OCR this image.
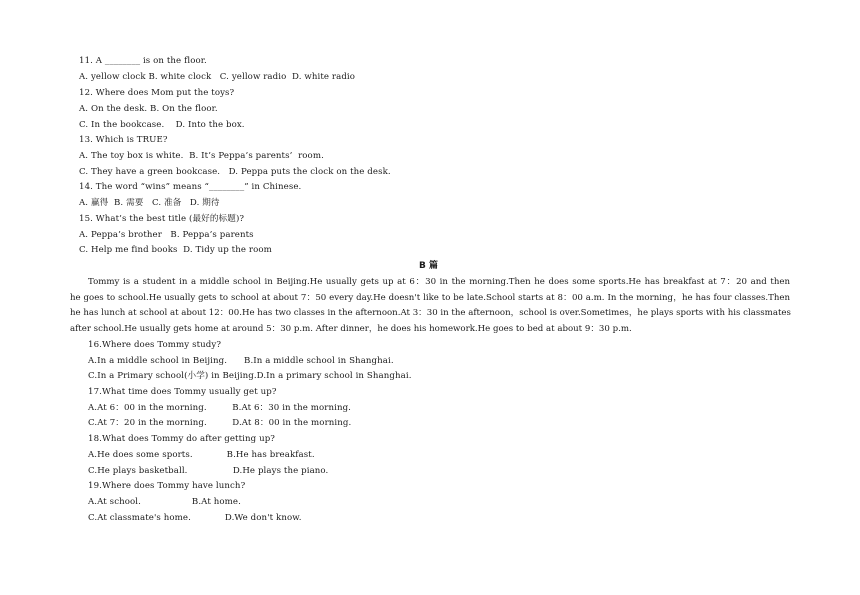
11. A ________ is on the floor.
A. yellow clock B. white clock   C. yellow radio  D. white radio
12. Where does Mom put the toys?
A. On the desk. B. On the floor.
C. In the bookcase.    D. Into the box.
13. Which is TRUE?
A. The toy box is white.  B. It’s Peppa’s parents’  room.
C. They have a green bookcase.   D. Peppa puts the clock on the desk.
14. The word “wins” means “________” in Chinese.
A. 赢得  B. 需要   C. 准备   D. 期待
15. What’s the best title (最好的标题)?
A. Peppa’s brother   B. Peppa’s parents
C. Help me find books  D. Tidy up the room
B 篇
Tommy is a student in a middle school in Beijing.He usually gets up at 6：30 in the morning.Then he does some sports.He has breakfast at 7：20 and then
he goes to school.He usually gets to school at about 7：50 every day.He doesn't like to be late.School starts at 8：00 a.m. In the morning，he has four classes.Then
he has lunch at school at about 12：00.He has two classes in the afternoon.At 3：30 in the afternoon，school is over.Sometimes，he plays sports with his classmates
after school.He usually gets home at around 5：30 p.m. After dinner，he does his homework.He goes to bed at about 9：30 p.m.
16.Where does Tommy study?
A.In a middle school in Beijing.      B.In a middle school in Shanghai.
C.In a Primary school(小学) in Beijing.D.In a primary school in Shanghai.
17.What time does Tommy usually get up?
A.At 6：00 in the morning.         B.At 6：30 in the morning.
C.At 7：20 in the morning.         D.At 8：00 in the morning.
18.What does Tommy do after getting up?
A.He does some sports.            B.He has breakfast.
C.He plays basketball.                D.He plays the piano.
19.Where does Tommy have lunch?
A.At school.                  B.At home.
C.At classmate's home.            D.We don't know.
